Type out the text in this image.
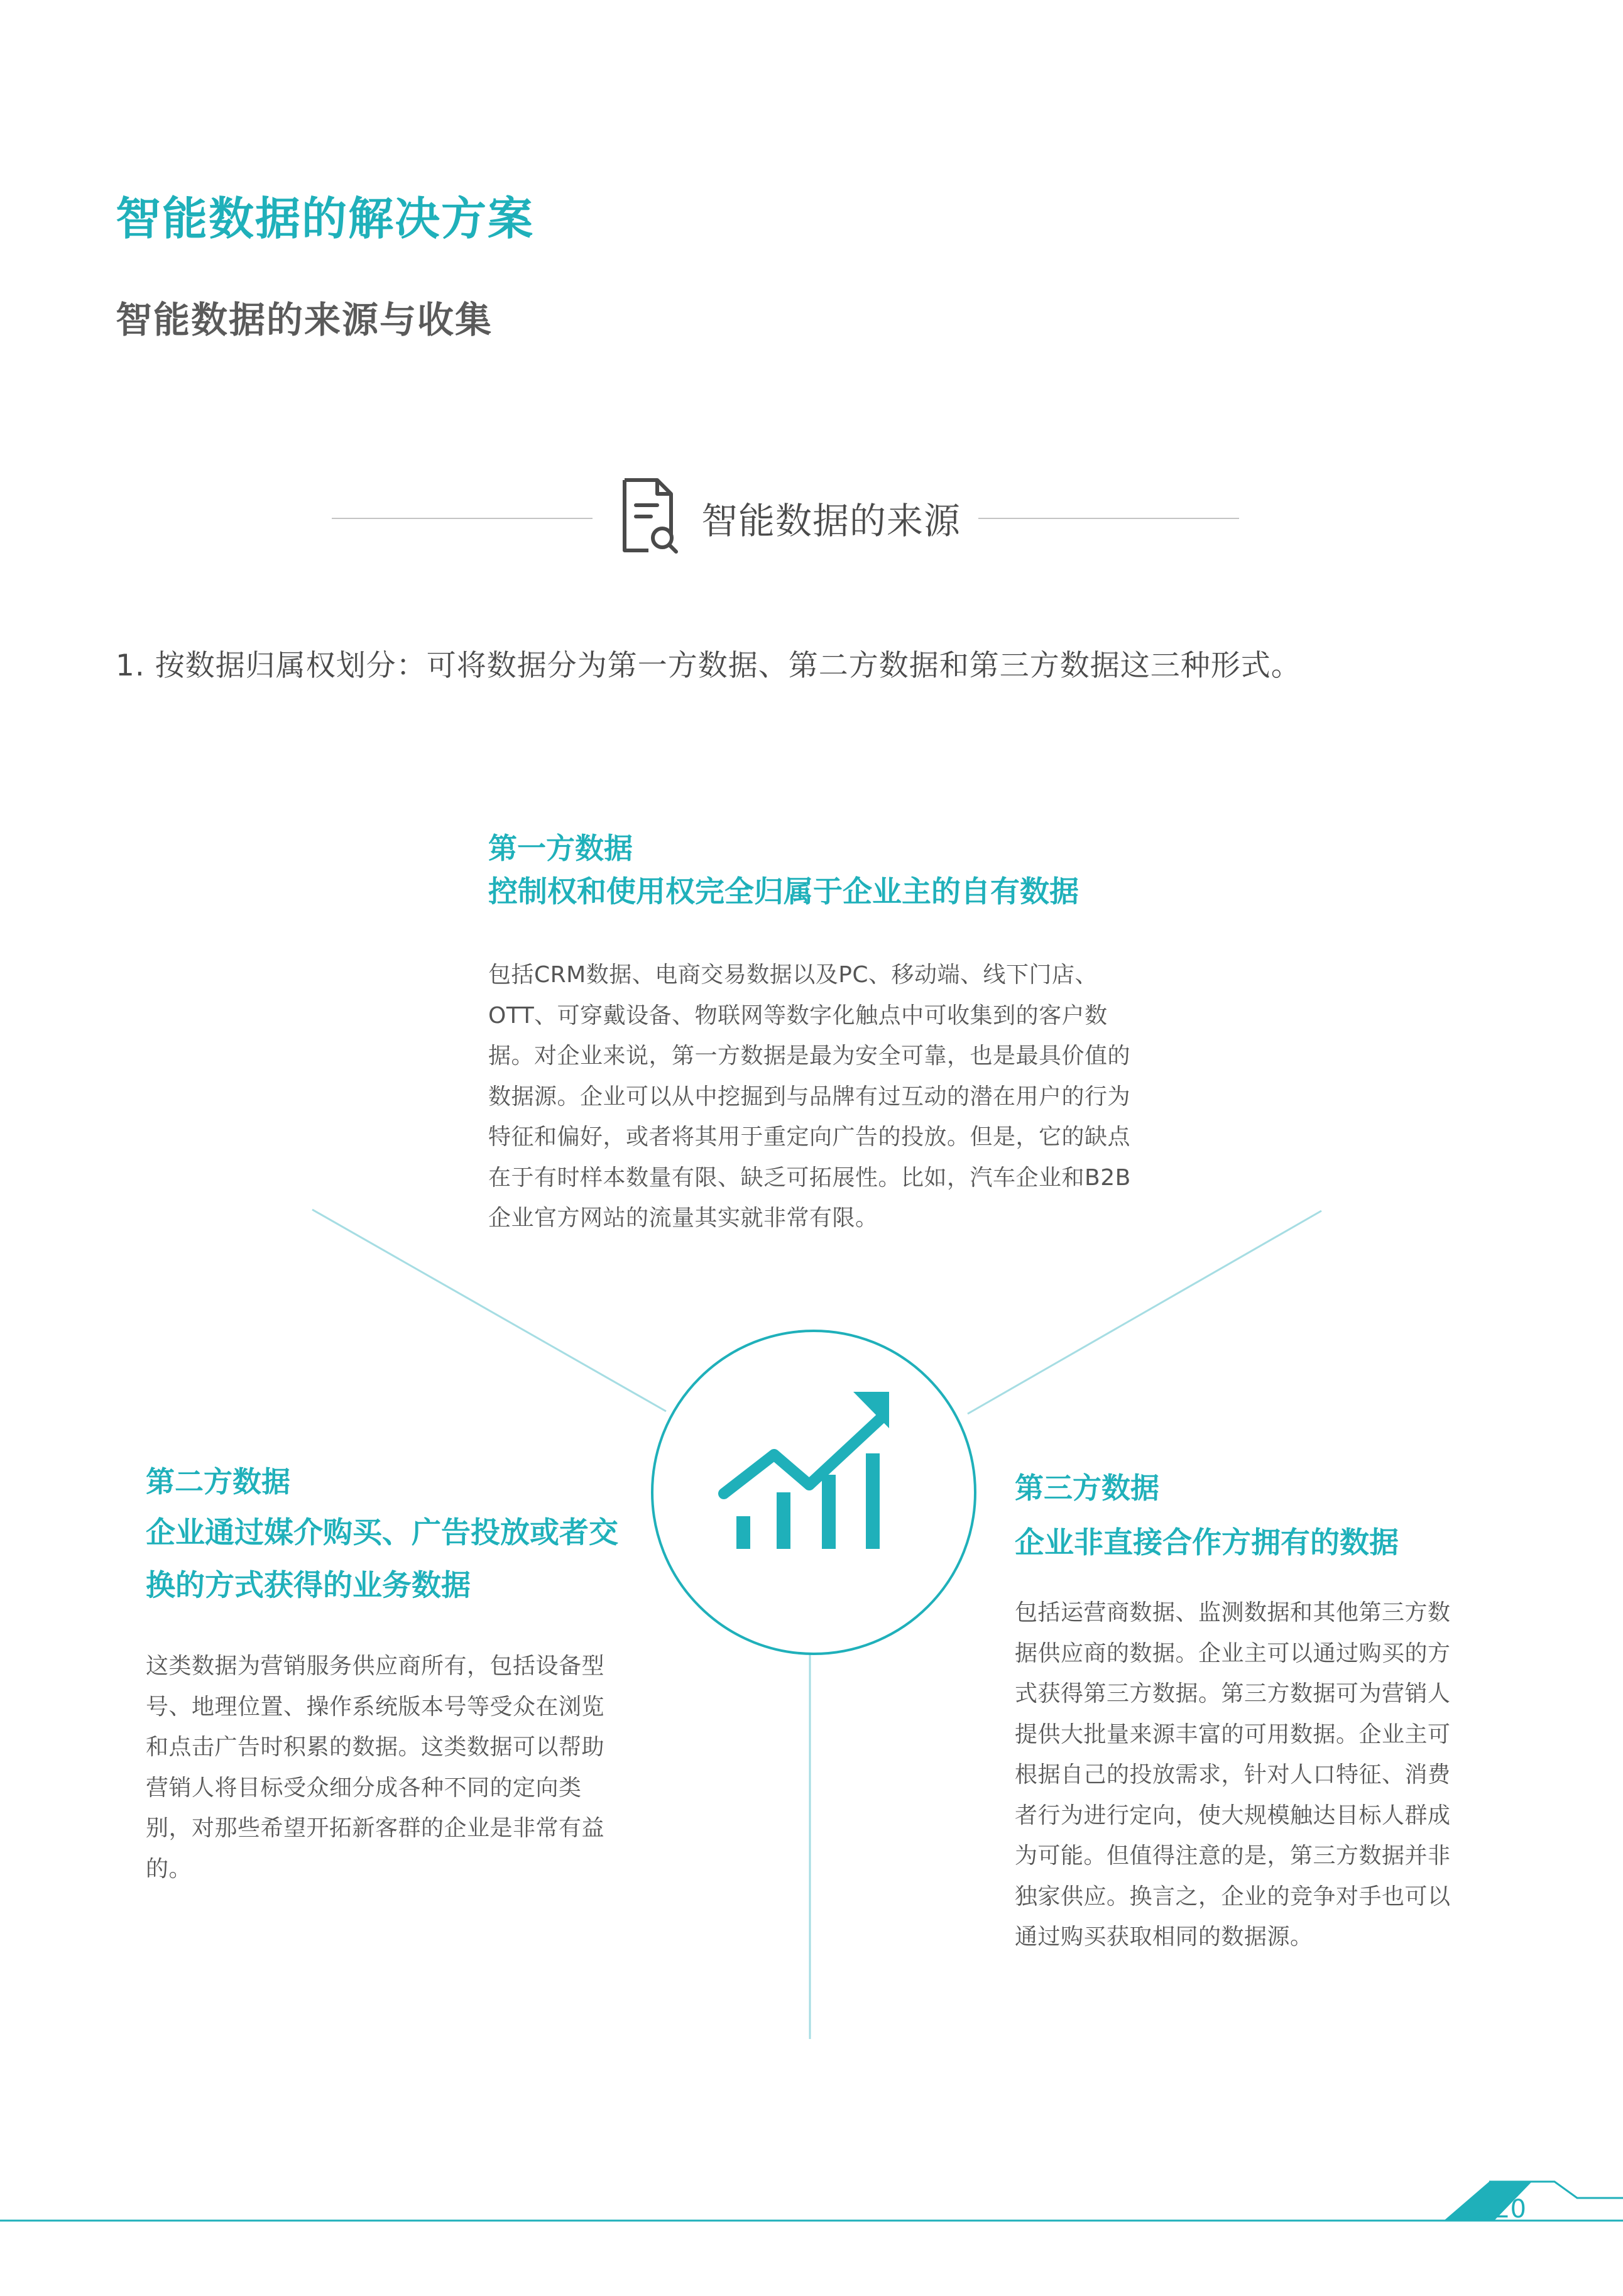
智能数据的解决方案
智能数据的来源与收集
智能数据的来源
1. 按数据归属权划分：可将数据分为第一方数据、第二方数据和第三方数据这三种形式。
第一方数据
控制权和使用权完全归属于企业主的自有数据
包括CRM数据、电商交易数据以及PC、移动端、线下门店、OTT、可穿戴设备、物联网等数字化触点中可收集到的客户数据。对企业来说，第一方数据是最为安全可靠，也是最具价值的数据源。企业可以从中挖掘到与品牌有过互动的潜在用户的行为特征和偏好，或者将其用于重定向广告的投放。但是，它的缺点在于有时样本数量有限、缺乏可拓展性。比如，汽车企业和B2B企业官方网站的流量其实就非常有限。
第二方数据
企业通过媒介购买、广告投放或者交换的方式获得的业务数据
这类数据为营销服务供应商所有，包括设备型号、地理位置、操作系统版本号等受众在浏览和点击广告时积累的数据。这类数据可以帮助营销人将目标受众细分成各种不同的定向类别，对那些希望开拓新客群的企业是非常有益的。
第三方数据
企业非直接合作方拥有的数据
包括运营商数据、监测数据和其他第三方数据供应商的数据。企业主可以通过购买的方式获得第三方数据。第三方数据可为营销人提供大批量来源丰富的可用数据。企业主可根据自己的投放需求，针对人口特征、消费者行为进行定向，使大规模触达目标人群成为可能。但值得注意的是，第三方数据并非独家供应。换言之，企业的竞争对手也可以通过购买获取相同的数据源。
20
